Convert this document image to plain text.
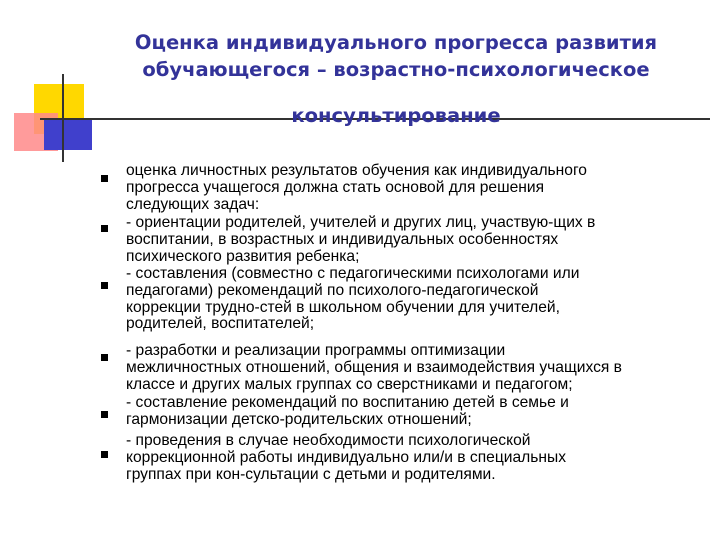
Оценка индивидуального прогресса развития
обучающегося – возрастно-психологическое
консультирование
оценка личностных результатов обучения как индивидуального
прогресса учащегося должна стать основой для решения
следующих задач:
- ориентации родителей, учителей и других лиц, участвую-щих в
воспитании, в возрастных и индивидуальных особенностях
психического развития ребенка;
- составления (совместно с педагогическими психологами или
педагогами) рекомендаций по психолого-педагогической
коррекции трудно-стей в школьном обучении для учителей,
родителей, воспитателей;
- разработки и реализации программы оптимизации
межличностных отношений, общения и взаимодействия учащихся в
классе и других малых группах со сверстниками и педагогом;
- составление рекомендаций по воспитанию детей в семье и
гармонизации детско-родительских отношений;
- проведения в случае необходимости психологической
коррекционной работы индивидуально или/и в специальных
группах при кон-сультации с детьми и родителями.
